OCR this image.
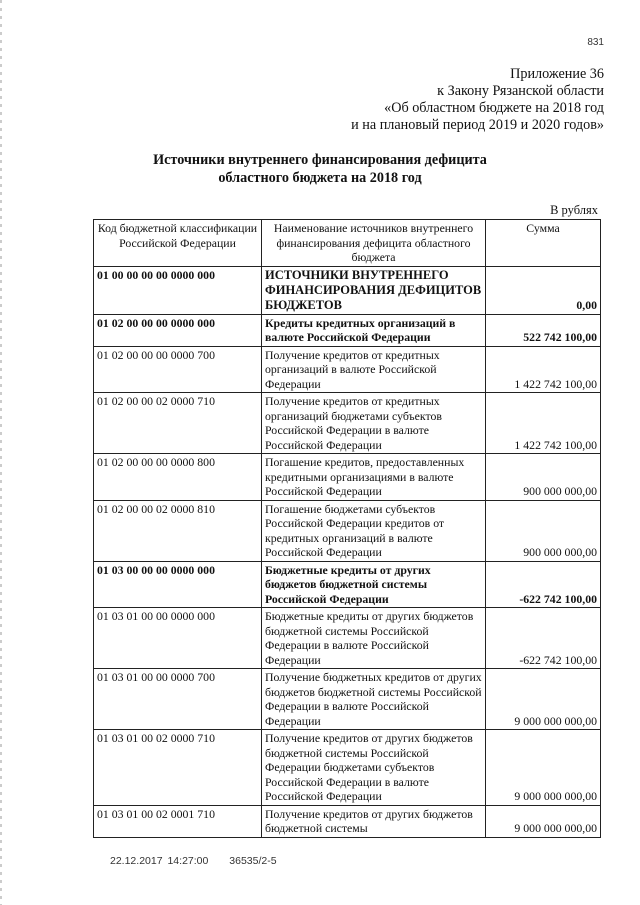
831
Приложение 36
к Закону Рязанской области
«Об областном бюджете на 2018 год
и на плановый период 2019 и 2020 годов»
Источники внутреннего финансирования дефицита
областного бюджета на 2018 год
В рублях
Код бюджетной классификации Российской Федерации	Наименование источников внутреннего финансирования дефицита областного бюджета	Сумма
01 00 00 00 00 0000 000	ИСТОЧНИКИ ВНУТРЕННЕГО ФИНАНСИРОВАНИЯ ДЕФИЦИТОВ БЮДЖЕТОВ	0,00
01 02 00 00 00 0000 000	Кредиты кредитных организаций в валюте Российской Федерации	522 742 100,00
01 02 00 00 00 0000 700	Получение кредитов от кредитных организаций в валюте Российской Федерации	1 422 742 100,00
01 02 00 00 02 0000 710	Получение кредитов от кредитных организаций бюджетами субъектов Российской Федерации в валюте Российской Федерации	1 422 742 100,00
01 02 00 00 00 0000 800	Погашение кредитов, предоставленных кредитными организациями в валюте Российской Федерации	900 000 000,00
01 02 00 00 02 0000 810	Погашение бюджетами субъектов Российской Федерации кредитов от кредитных организаций в валюте Российской Федерации	900 000 000,00
01 03 00 00 00 0000 000	Бюджетные кредиты от других бюджетов бюджетной системы Российской Федерации	-622 742 100,00
01 03 01 00 00 0000 000	Бюджетные кредиты от других бюджетов бюджетной системы Российской Федерации в валюте Российской Федерации	-622 742 100,00
01 03 01 00 00 0000 700	Получение бюджетных кредитов от других бюджетов бюджетной системы Российской Федерации в валюте Российской Федерации	9 000 000 000,00
01 03 01 00 02 0000 710	Получение кредитов от других бюджетов бюджетной системы Российской Федерации бюджетами субъектов Российской Федерации в валюте Российской Федерации	9 000 000 000,00
01 03 01 00 02 0001 710	Получение кредитов от других бюджетов бюджетной системы	9 000 000 000,00
22.12.2017 14:27:00 36535/2-5
